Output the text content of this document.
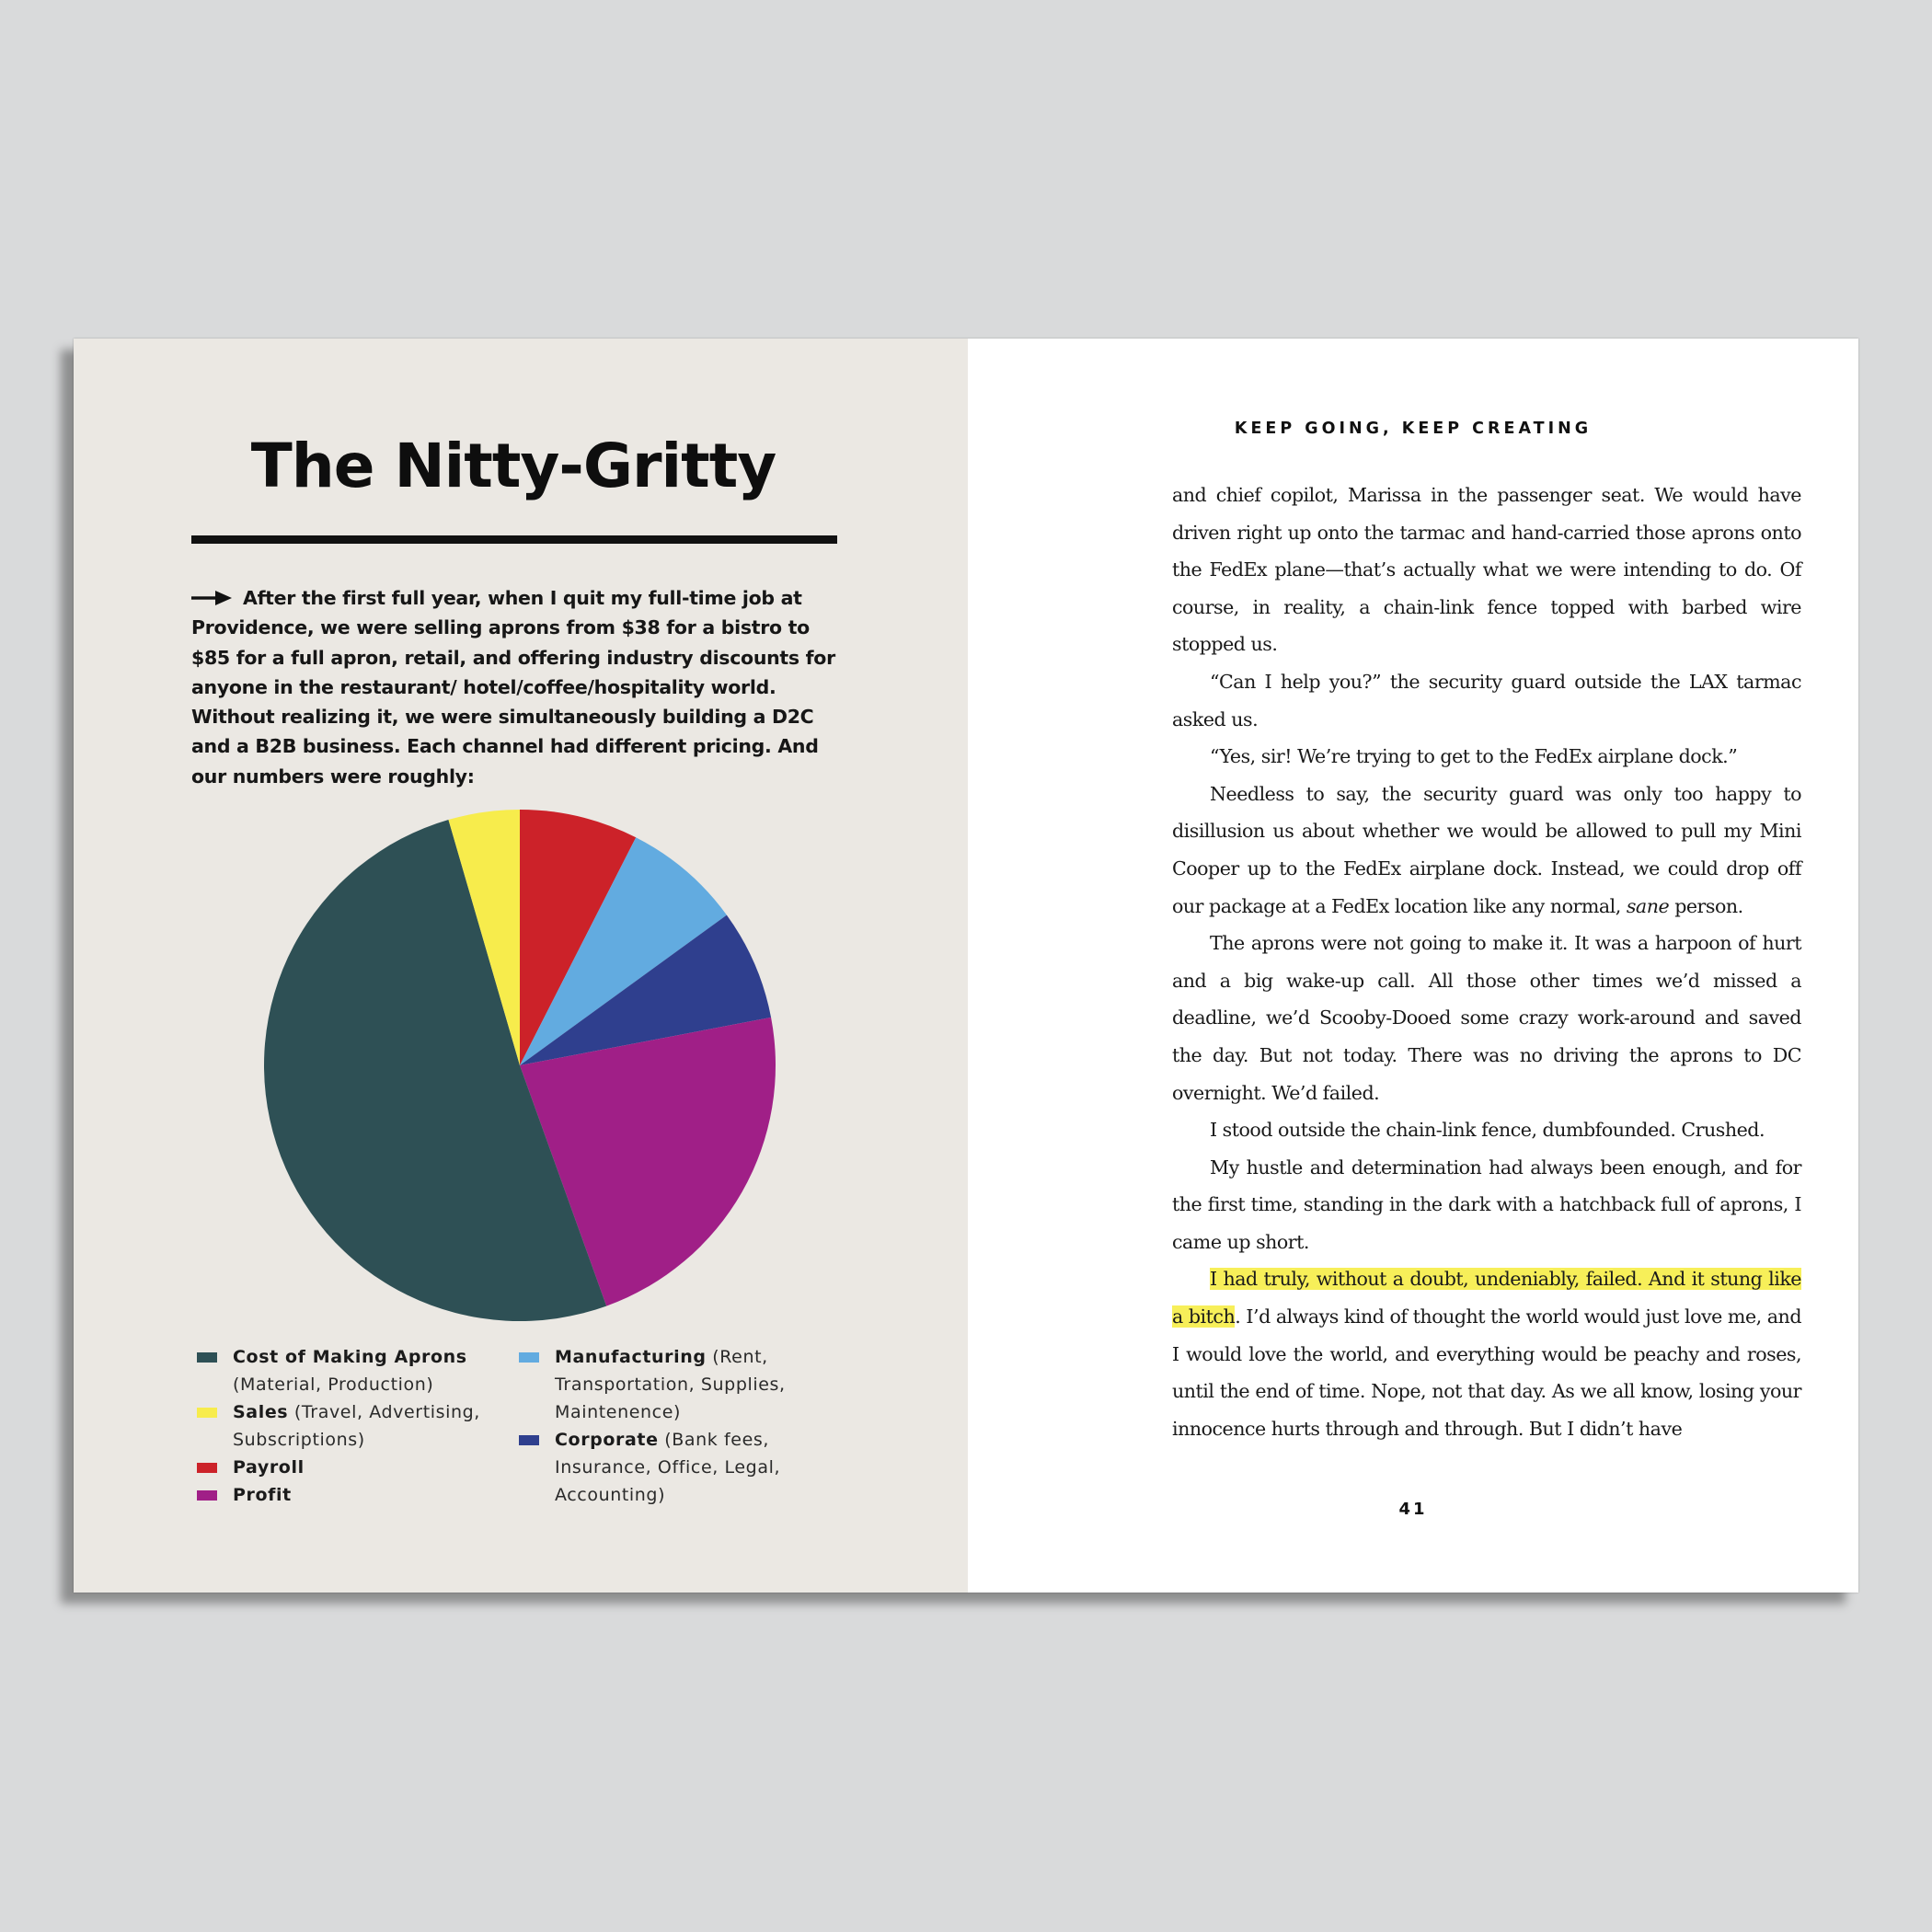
The Nitty-Gritty
After the first full year, when I quit my full-time job at Providence, we were selling aprons from $38 for a bistro to $85 for a full apron, retail, and offering industry discounts for anyone in the restaurant/ hotel/coffee/hospitality world. Without realizing it, we were simultaneously building a D2C and a B2B business. Each channel had different pricing. And our numbers were roughly:
Cost of Making Aprons
(Material, Production)
Sales (Travel, Advertising, Subscriptions)
Payroll
Profit
Manufacturing (Rent, Transportation, Supplies, Maintenence)
Corporate (Bank fees, Insurance, Office, Legal, Accounting)
KEEP GOING, KEEP CREATING

and chief copilot, Marissa in the passenger seat. We would have driven right up onto the tarmac and hand-carried those aprons onto the FedEx plane—that’s actually what we were intending to do. Of course, in reality, a chain-link fence topped with barbed wire stopped us.

“Can I help you?” the security guard outside the LAX tarmac asked us.

“Yes, sir! We’re trying to get to the FedEx airplane dock.”

Needless to say, the security guard was only too happy to disillusion us about whether we would be allowed to pull my Mini Cooper up to the FedEx airplane dock. Instead, we could drop off our package at a FedEx location like any normal, sane person.

The aprons were not going to make it. It was a harpoon of hurt and a big wake-up call. All those other times we’d missed a deadline, we’d Scooby-Dooed some crazy work-around and saved the day. But not today. There was no driving the aprons to DC overnight. We’d failed.

I stood outside the chain-link fence, dumbfounded. Crushed.

My hustle and determination had always been enough, and for the first time, standing in the dark with a hatchback full of aprons, I came up short.

I had truly, without a doubt, undeniably, failed. And it stung like a bitch. I’d always kind of thought the world would just love me, and I would love the world, and everything would be peachy and roses, until the end of time. Nope, not that day. As we all know, losing your innocence hurts through and through. But I didn’t have

41
